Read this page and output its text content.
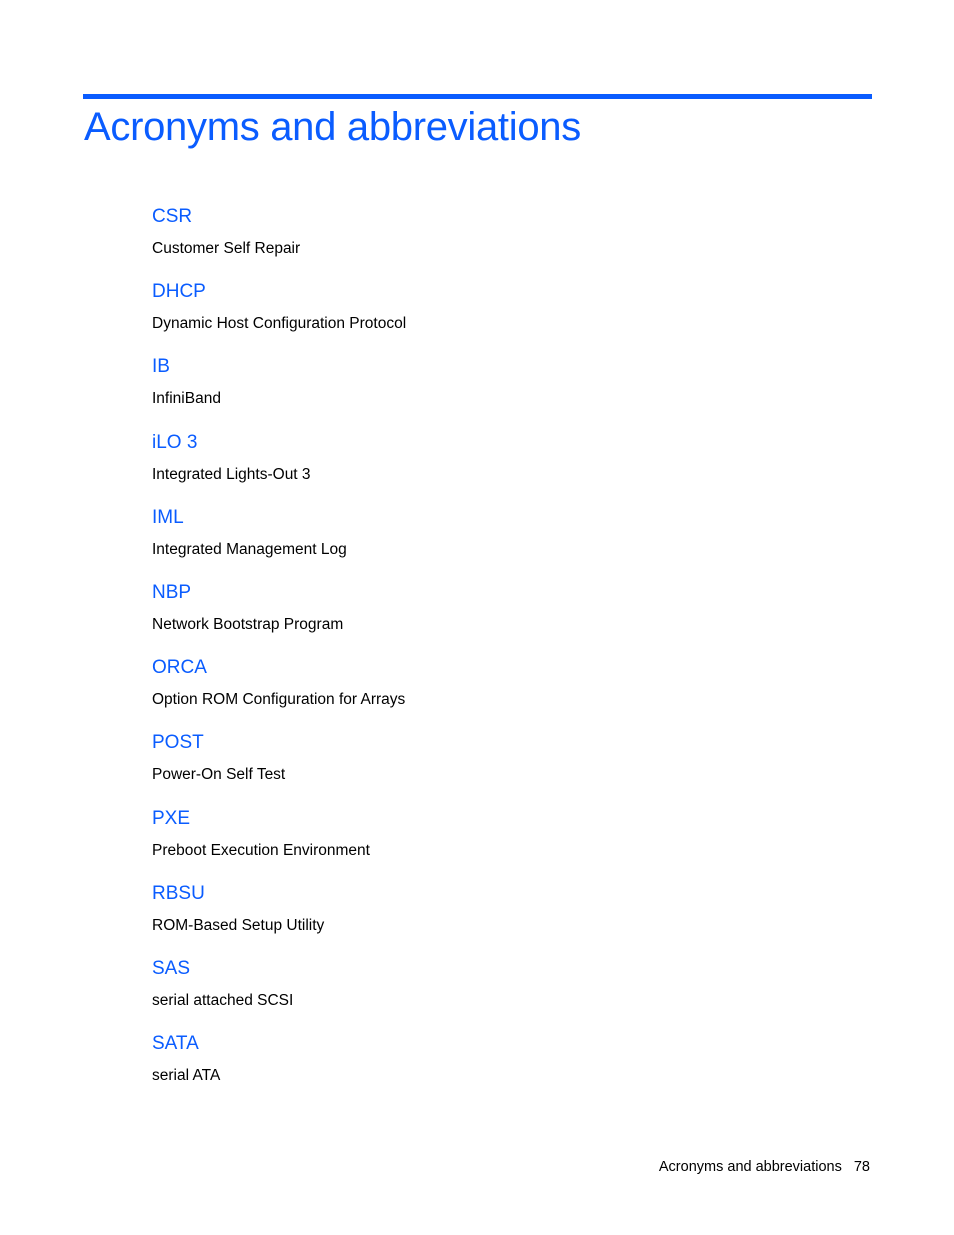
Acronyms and abbreviations
CSR
Customer Self Repair
DHCP
Dynamic Host Configuration Protocol
IB
InfiniBand
iLO 3
Integrated Lights-Out 3
IML
Integrated Management Log
NBP
Network Bootstrap Program
ORCA
Option ROM Configuration for Arrays
POST
Power-On Self Test
PXE
Preboot Execution Environment
RBSU
ROM-Based Setup Utility
SAS
serial attached SCSI
SATA
serial ATA
Acronyms and abbreviations 78
